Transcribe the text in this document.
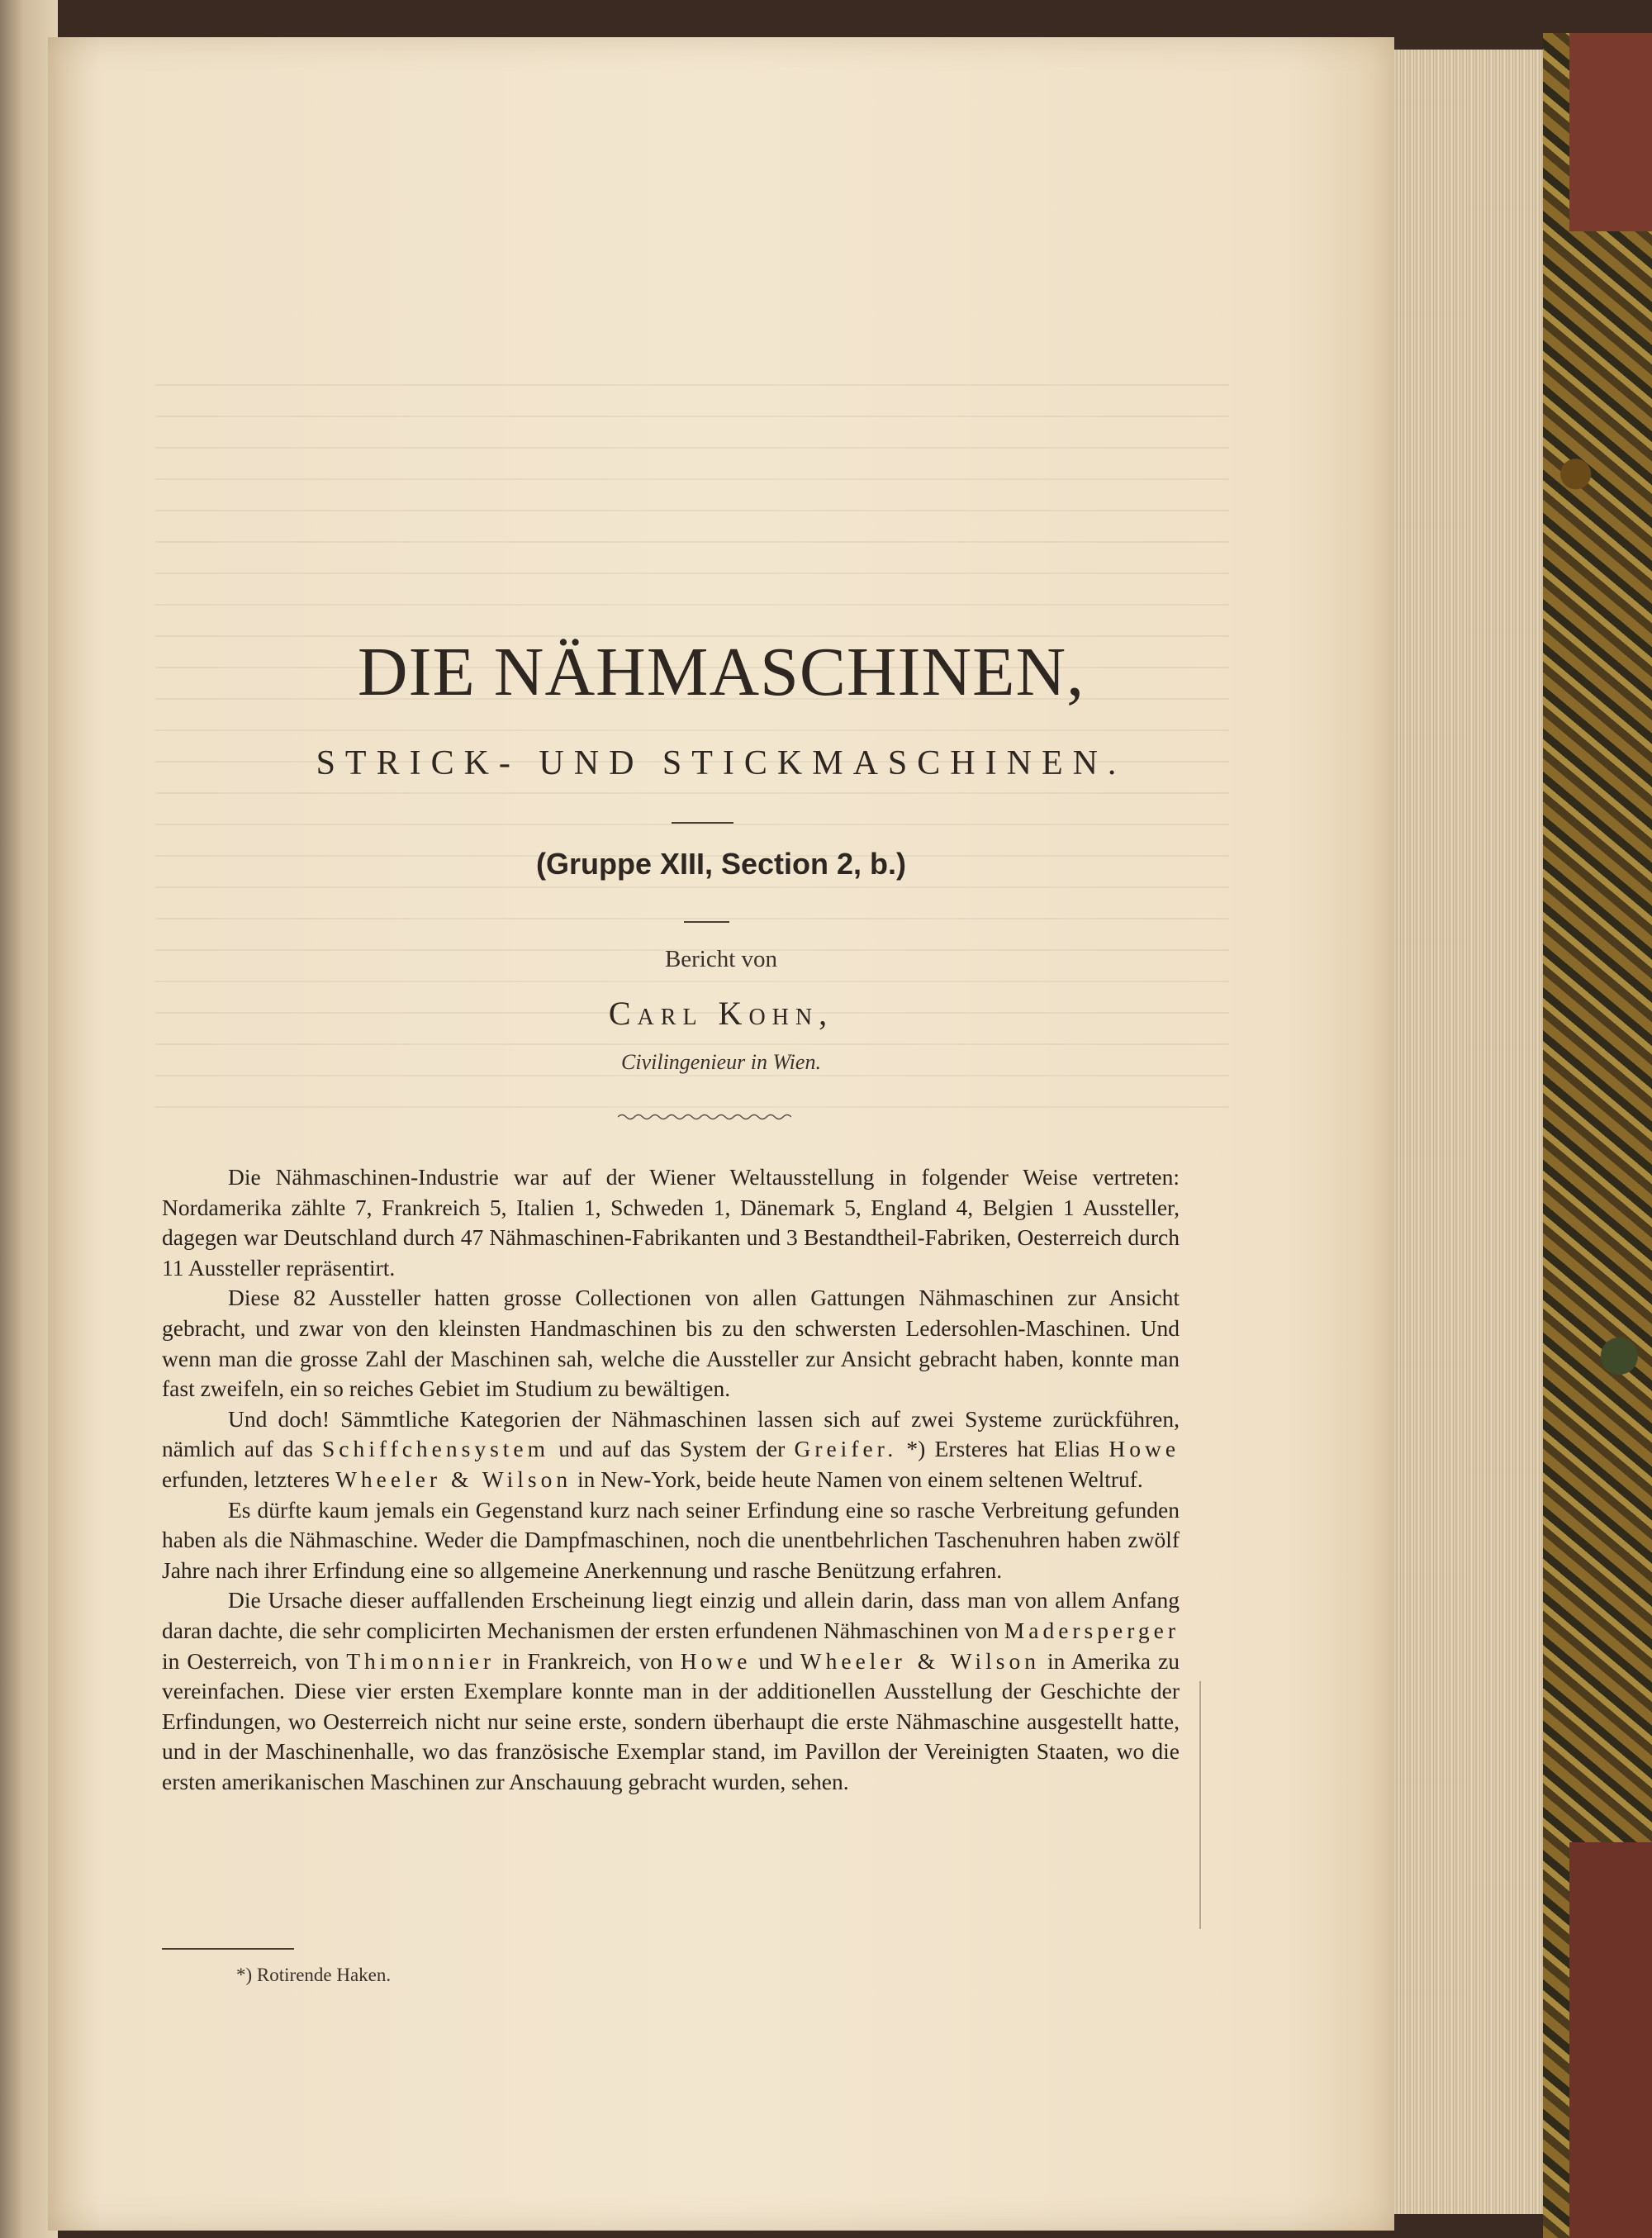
DIE NÄHMASCHINEN,
STRICK- UND STICKMASCHINEN.
(Gruppe XIII, Section 2, b.)
Bericht von
Carl Kohn,
Civilingenieur in Wien.

Die Nähmaschinen-Industrie war auf der Wiener Weltausstellung in folgender Weise vertreten: Nordamerika zählte 7, Frankreich 5, Italien 1, Schweden 1, Dänemark 5, England 4, Belgien 1 Aussteller, dagegen war Deutschland durch 47 Nähmaschinen-Fabrikanten und 3 Bestandtheil-Fabriken, Oesterreich durch 11 Aussteller repräsentirt.

Diese 82 Aussteller hatten grosse Collectionen von allen Gattungen Nähmaschinen zur Ansicht gebracht, und zwar von den kleinsten Handmaschinen bis zu den schwersten Ledersohlen-Maschinen. Und wenn man die grosse Zahl der Maschinen sah, welche die Aussteller zur Ansicht gebracht haben, konnte man fast zweifeln, ein so reiches Gebiet im Studium zu bewältigen.

Und doch! Sämmtliche Kategorien der Nähmaschinen lassen sich auf zwei Systeme zurückführen, nämlich auf das Schiffchensystem und auf das System der Greifer. *) Ersteres hat Elias Howe erfunden, letzteres Wheeler & Wilson in New-York, beide heute Namen von einem seltenen Weltruf.

Es dürfte kaum jemals ein Gegenstand kurz nach seiner Erfindung eine so rasche Verbreitung gefunden haben als die Nähmaschine. Weder die Dampfmaschinen, noch die unentbehrlichen Taschenuhren haben zwölf Jahre nach ihrer Erfindung eine so allgemeine Anerkennung und rasche Benützung erfahren.

Die Ursache dieser auffallenden Erscheinung liegt einzig und allein darin, dass man von allem Anfang daran dachte, die sehr complicirten Mechanismen der ersten erfundenen Nähmaschinen von Madersperger in Oesterreich, von Thimonnier in Frankreich, von Howe und Wheeler & Wilson in Amerika zu vereinfachen. Diese vier ersten Exemplare konnte man in der additionellen Ausstellung der Geschichte der Erfindungen, wo Oesterreich nicht nur seine erste, sondern überhaupt die erste Nähmaschine ausgestellt hatte, und in der Maschinenhalle, wo das französische Exemplar stand, im Pavillon der Vereinigten Staaten, wo die ersten amerikanischen Maschinen zur Anschauung gebracht wurden, sehen.

*) Rotirende Haken.
